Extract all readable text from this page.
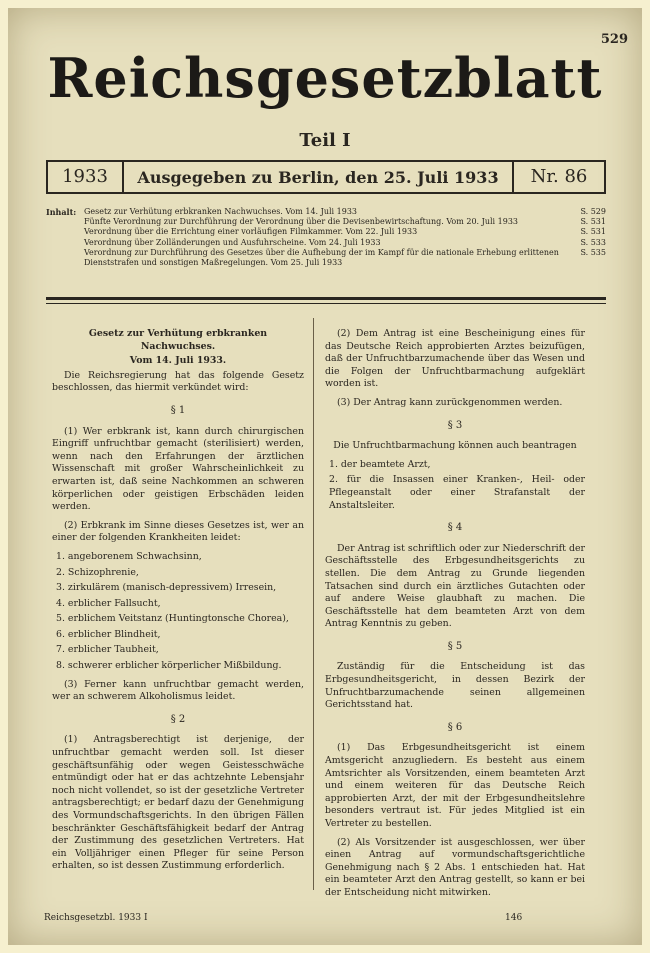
529
Reichsgesetzblatt
Teil I
1933	Ausgegeben zu Berlin, den 25. Juli 1933	Nr. 86
Inhalt: Gesetz zur Verhütung erbkranken Nachwuchses. Vom 14. Juli 1933	S. 529
Fünfte Verordnung zur Durchführung der Verordnung über die Devisenbewirtschaftung. Vom 20. Juli 1933	S. 531
Verordnung über die Errichtung einer vorläufigen Filmkammer. Vom 22. Juli 1933	S. 531
Verordnung über Zolländerungen und Ausfuhrscheine. Vom 24. Juli 1933	S. 533
Verordnung zur Durchführung des Gesetzes über die Aufhebung der im Kampf für die nationale Erhebung erlittenen Dienststrafen und sonstigen Maßregelungen. Vom 25. Juli 1933
S. 535

Gesetz zur Verhütung erbkranken Nachwuchses.

Vom 14. Juli 1933.

Die Reichsregierung hat das folgende Gesetz beschlossen, das hiermit verkündet wird:

§ 1

(1) Wer erbkrank ist, kann durch chirurgischen Eingriff unfruchtbar gemacht (sterilisiert) werden, wenn nach den Erfahrungen der ärztlichen Wissenschaft mit großer Wahrscheinlichkeit zu erwarten ist, daß seine Nachkommen an schweren körperlichen oder geistigen Erbschäden leiden werden.

(2) Erbkrank im Sinne dieses Gesetzes ist, wer an einer der folgenden Krankheiten leidet:

1. angeborenem Schwachsinn,
2. Schizophrenie,
3. zirkulärem (manisch-depressivem) Irresein,
4. erblicher Fallsucht,
5. erblichem Veitstanz (Huntingtonsche Chorea),
6. erblicher Blindheit,
7. erblicher Taubheit,
8. schwerer erblicher körperlicher Mißbildung.

(3) Ferner kann unfruchtbar gemacht werden, wer an schwerem Alkoholismus leidet.

§ 2

(1) Antragsberechtigt ist derjenige, der unfruchtbar gemacht werden soll. Ist dieser geschäftsunfähig oder wegen Geistesschwäche entmündigt oder hat er das achtzehnte Lebensjahr noch nicht vollendet, so ist der gesetzliche Vertreter antragsberechtigt; er bedarf dazu der Genehmigung des Vormundschaftsgerichts. In den übrigen Fällen beschränkter Geschäftsfähigkeit bedarf der Antrag der Zustimmung des gesetzlichen Vertreters. Hat ein Volljähriger einen Pfleger für seine Person erhalten, so ist dessen Zustimmung erforderlich.

(2) Dem Antrag ist eine Bescheinigung eines für das Deutsche Reich approbierten Arztes beizufügen, daß der Unfruchtbarzumachende über das Wesen und die Folgen der Unfruchtbarmachung aufgeklärt worden ist.

(3) Der Antrag kann zurückgenommen werden.

§ 3

Die Unfruchtbarmachung können auch beantragen

1. der beamtete Arzt,
2. für die Insassen einer Kranken-, Heil- oder Pflegeanstalt oder einer Strafanstalt der Anstaltsleiter.

§ 4

Der Antrag ist schriftlich oder zur Niederschrift der Geschäftsstelle des Erbgesundheitsgerichts zu stellen. Die dem Antrag zu Grunde liegenden Tatsachen sind durch ein ärztliches Gutachten oder auf andere Weise glaubhaft zu machen. Die Geschäftsstelle hat dem beamteten Arzt von dem Antrag Kenntnis zu geben.

§ 5

Zuständig für die Entscheidung ist das Erbgesundheitsgericht, in dessen Bezirk der Unfruchtbarzumachende seinen allgemeinen Gerichtsstand hat.

§ 6

(1) Das Erbgesundheitsgericht ist einem Amtsgericht anzugliedern. Es besteht aus einem Amtsrichter als Vorsitzenden, einem beamteten Arzt und einem weiteren für das Deutsche Reich approbierten Arzt, der mit der Erbgesundheitslehre besonders vertraut ist. Für jedes Mitglied ist ein Vertreter zu bestellen.

(2) Als Vorsitzender ist ausgeschlossen, wer über einen Antrag auf vormundschaftsgerichtliche Genehmigung nach § 2 Abs. 1 entschieden hat. Hat ein beamteter Arzt den Antrag gestellt, so kann er bei der Entscheidung nicht mitwirken.

Reichsgesetzbl. 1933 I	146
